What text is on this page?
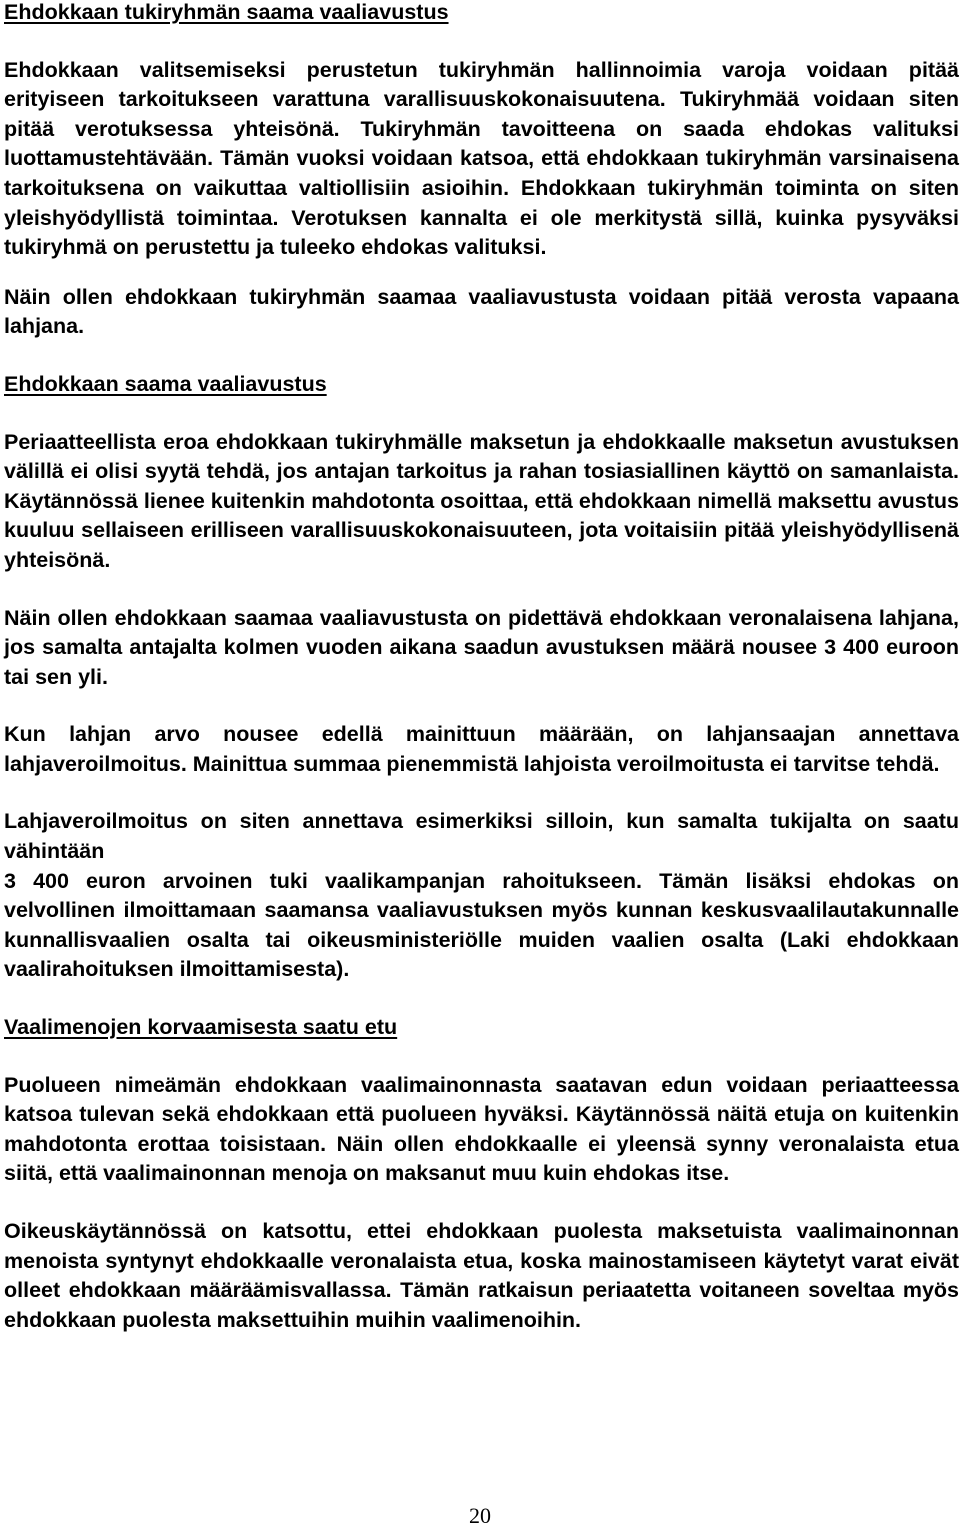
Ehdokkaan tukiryhmän saama vaaliavustus

Ehdokkaan valitsemiseksi perustetun tukiryhmän hallinnoimia varoja voidaan pitää erityiseen tarkoitukseen varattuna varallisuuskokonaisuutena. Tukiryhmää voidaan siten pitää verotuksessa yhteisönä. Tukiryhmän tavoitteena on saada ehdokas valituksi luottamustehtävään. Tämän vuoksi voidaan katsoa, että ehdokkaan tukiryhmän varsinaisena tarkoituksena on vaikuttaa valtiollisiin asioihin. Ehdokkaan tukiryhmän toiminta on siten yleishyödyllistä toimintaa. Verotuksen kannalta ei ole merkitystä sillä, kuinka pysyväksi tukiryhmä on perustettu ja tuleeko ehdokas valituksi.

Näin ollen ehdokkaan tukiryhmän saamaa vaaliavustusta voidaan pitää verosta vapaana lahjana.

Ehdokkaan saama vaaliavustus

Periaatteellista eroa ehdokkaan tukiryhmälle maksetun ja ehdokkaalle maksetun avustuksen välillä ei olisi syytä tehdä, jos antajan tarkoitus ja rahan tosiasiallinen käyttö on samanlaista. Käytännössä lienee kuitenkin mahdotonta osoittaa, että ehdokkaan nimellä maksettu avustus kuuluu sellaiseen erilliseen varallisuuskokonaisuuteen, jota voitaisiin pitää yleishyödyllisenä yhteisönä.

Näin ollen ehdokkaan saamaa vaaliavustusta on pidettävä ehdokkaan veronalaisena lahjana, jos samalta antajalta kolmen vuoden aikana saadun avustuksen määrä nousee 3 400 euroon tai sen yli.

Kun lahjan arvo nousee edellä mainittuun määrään, on lahjansaajan annettava lahjaveroilmoitus. Mainittua summaa pienemmistä lahjoista veroilmoitusta ei tarvitse tehdä.

Lahjaveroilmoitus on siten annettava esimerkiksi silloin, kun samalta tukijalta on saatu vähintään

3 400 euron arvoinen tuki vaalikampanjan rahoitukseen. Tämän lisäksi ehdokas on velvollinen ilmoittamaan saamansa vaaliavustuksen myös kunnan keskusvaalilautakunnalle kunnallisvaalien osalta tai oikeusministeriölle muiden vaalien osalta (Laki ehdokkaan vaalirahoituksen ilmoittamisesta).

Vaalimenojen korvaamisesta saatu etu

Puolueen nimeämän ehdokkaan vaalimainonnasta saatavan edun voidaan periaatteessa katsoa tulevan sekä ehdokkaan että puolueen hyväksi. Käytännössä näitä etuja on kuitenkin mahdotonta erottaa toisistaan. Näin ollen ehdokkaalle ei yleensä synny veronalaista etua siitä, että vaalimainonnan menoja on maksanut muu kuin ehdokas itse.

Oikeuskäytännössä on katsottu, ettei ehdokkaan puolesta maksetuista vaalimainonnan menoista syntynyt ehdokkaalle veronalaista etua, koska mainostamiseen käytetyt varat eivät olleet ehdokkaan määräämisvallassa. Tämän ratkaisun periaatetta voitaneen soveltaa myös ehdokkaan puolesta maksettuihin muihin vaalimenoihin.

20
